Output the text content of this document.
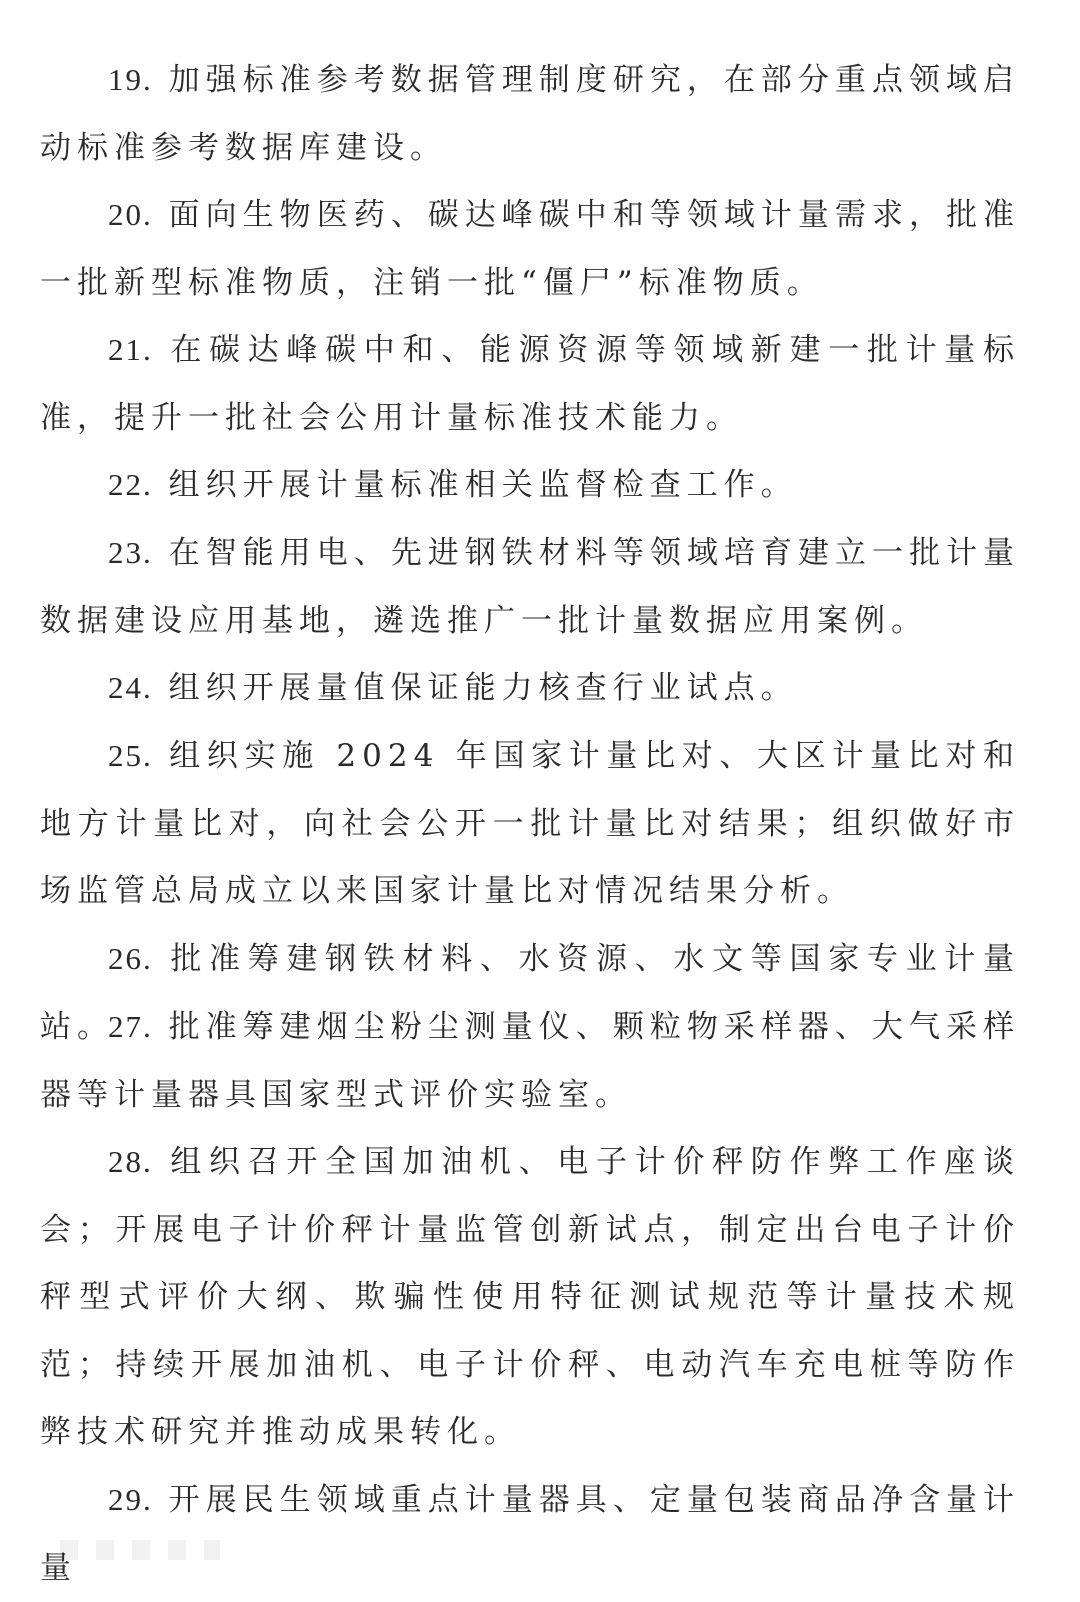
19. 加强标准参考数据管理制度研究，在部分重点领域启动标准参考数据库建设。

20. 面向生物医药、碳达峰碳中和等领域计量需求，批准一批新型标准物质，注销一批“僵尸”标准物质。

21. 在碳达峰碳中和、能源资源等领域新建一批计量标准，提升一批社会公用计量标准技术能力。

22. 组织开展计量标准相关监督检查工作。

23. 在智能用电、先进钢铁材料等领域培育建立一批计量数据建设应用基地，遴选推广一批计量数据应用案例。

24. 组织开展量值保证能力核查行业试点。

25. 组织实施 2024 年国家计量比对、大区计量比对和地方计量比对，向社会公开一批计量比对结果；组织做好市场监管总局成立以来国家计量比对情况结果分析。

26. 批准筹建钢铁材料、水资源、水文等国家专业计量站。

27. 批准筹建烟尘粉尘测量仪、颗粒物采样器、大气采样器等计量器具国家型式评价实验室。

28. 组织召开全国加油机、电子计价秤防作弊工作座谈会；开展电子计价秤计量监管创新试点，制定出台电子计价秤型式评价大纲、欺骗性使用特征测试规范等计量技术规范；持续开展加油机、电子计价秤、电动汽车充电桩等防作弊技术研究并推动成果转化。

29. 开展民生领域重点计量器具、定量包装商品净含量计量
